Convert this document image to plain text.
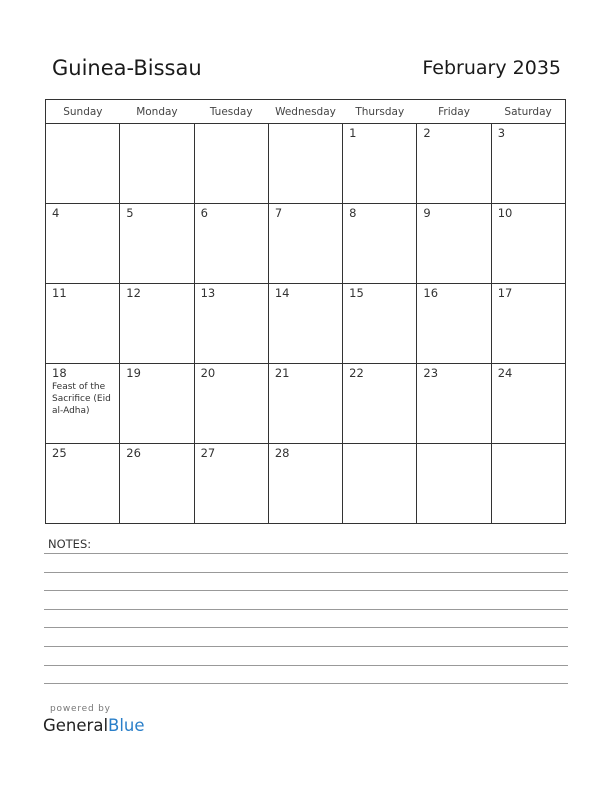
Guinea-Bissau	February 2035
Sunday	Monday	Tuesday	Wednesday	Thursday	Friday	Saturday

				1	2	3

4	5	6	7	8	9	10

11	12	13	14	15	16	17

18
Feast of the Sacrifice (Eid al-Adha)	19	20	21	22	23	24

25	26	27	28			

NOTES:
powered by
GeneralBlue
